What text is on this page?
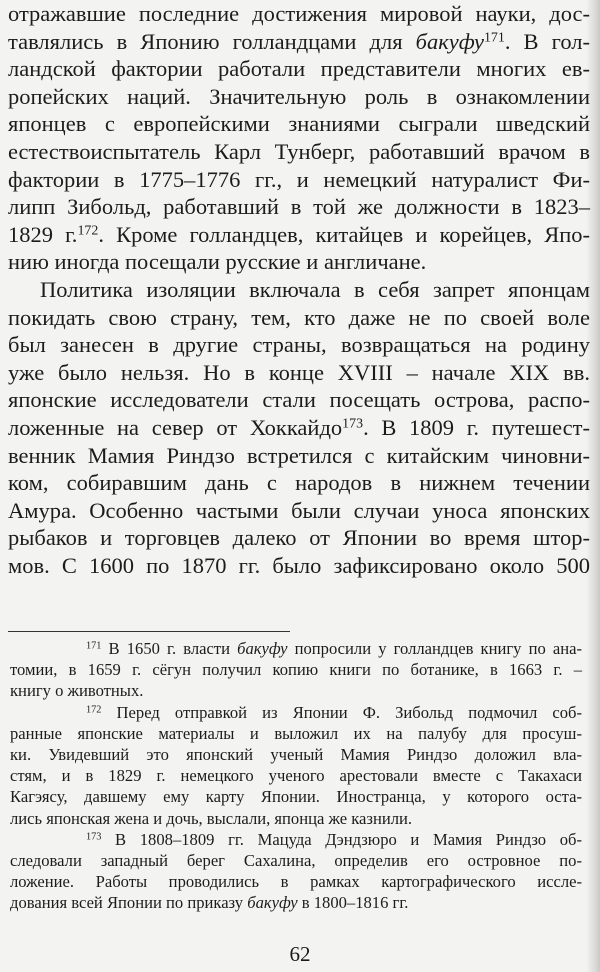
отражавшие последние достижения мировой науки, дос-
тавлялись в Японию голландцами для бакуфу$^{171}$. В гол-
ландской фактории работали представители многих ев-
ропейских наций. Значительную роль в ознакомлении
японцев с европейскими знаниями сыграли шведский
естествоиспытатель Карл Тунберг, работавший врачом в
фактории в 1775–1776 гг., и немецкий натуралист Фи-
липп Зибольд, работавший в той же должности в 1823–
1829 г.$^{172}$. Кроме голландцев, китайцев и корейцев, Япо-
нию иногда посещали русские и англичане.
Политика изоляции включала в себя запрет японцам
покидать свою страну, тем, кто даже не по своей воле
был занесен в другие страны, возвращаться на родину
уже было нельзя. Но в конце XVIII – начале XIX вв.
японские исследователи стали посещать острова, распо-
ложенные на север от Хоккайдо$^{173}$. В 1809 г. путешест-
венник Мамия Риндзо встретился с китайским чиновни-
ком, собиравшим дань с народов в нижнем течении
Амура. Особенно частыми были случаи уноса японских
рыбаков и торговцев далеко от Японии во время штор-
мов. С 1600 по 1870 гг. было зафиксировано около 500
$^{171}$ В 1650 г. власти бакуфу попросили у голландцев книгу по ана-
томии, в 1659 г. сёгун получил копию книги по ботанике, в 1663 г. –
книгу о животных.
$^{172}$ Перед отправкой из Японии Ф. Зибольд подмочил соб-
ранные японские материалы и выложил их на палубу для просуш-
ки. Увидевший это японский ученый Мамия Риндзо доложил вла-
стям, и в 1829 г. немецкого ученого арестовали вместе с Такахаси
Кагэясу, давшему ему карту Японии. Иностранца, у которого оста-
лись японская жена и дочь, выслали, японца же казнили.
$^{173}$ В 1808–1809 гг. Мацуда Дэндзюро и Мамия Риндзо об-
следовали западный берег Сахалина, определив его островное по-
ложение. Работы проводились в рамках картографического иссле-
дования всей Японии по приказу бакуфу в 1800–1816 гг.
62
